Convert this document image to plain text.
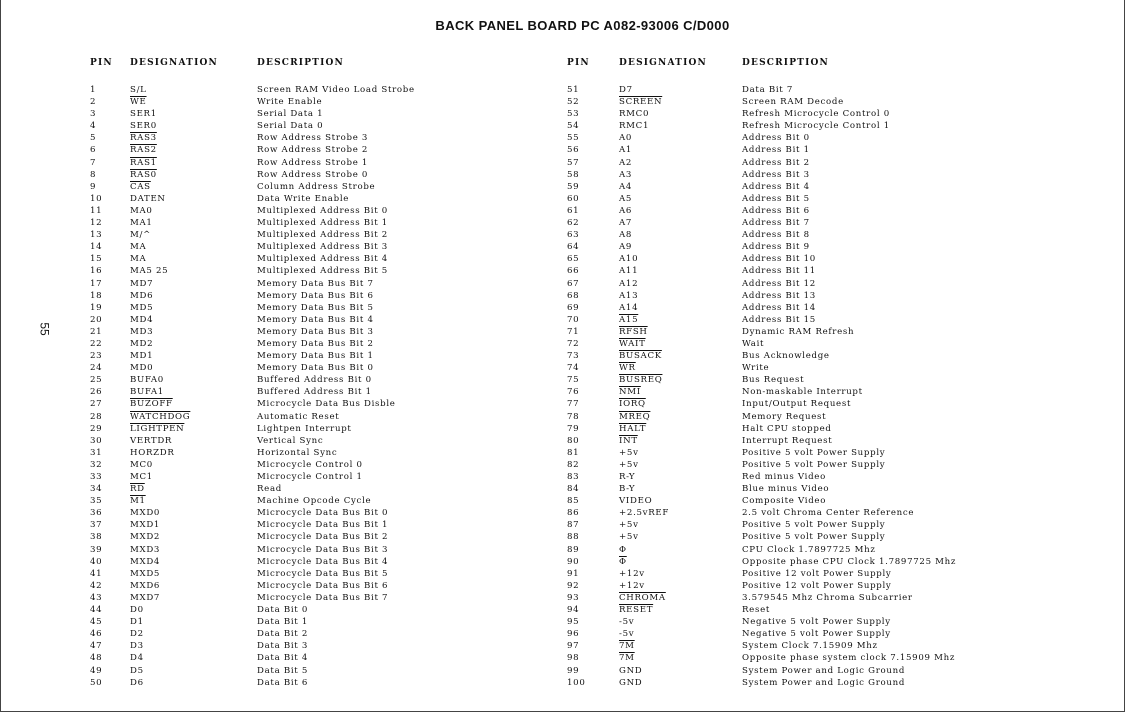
BACK PANEL BOARD PC A082-93006 C/D000
55
PIN	DESIGNATION	DESCRIPTION
1	S/L	Screen RAM Video Load Strobe
2	$\overline{WE}$	Write Enable
3	SER1	Serial Data 1
4	SER0	Serial Data 0
5	RAS3	Row Address Strobe 3
6	RAS2	Row Address Strobe 2
7	RAS1	Row Address Strobe 1
8	RAS0	Row Address Strobe 0
9	$\overline{CAS}$	Column Address Strobe
10	DATEN	Data Write Enable
11	MA0	Multiplexed Address Bit 0
12	MA1	Multiplexed Address Bit 1
13	M/^	Multiplexed Address Bit 2
14	MA	Multiplexed Address Bit 3
15	MA	Multiplexed Address Bit 4
16	MA5 25	Multiplexed Address Bit 5
17	MD7	Memory Data Bus Bit 7
18	MD6	Memory Data Bus Bit 6
19	MD5	Memory Data Bus Bit 5
20	MD4	Memory Data Bus Bit 4
21	MD3	Memory Data Bus Bit 3
22	MD2	Memory Data Bus Bit 2
23	MD1	Memory Data Bus Bit 1
24	MD0	Memory Data Bus Bit 0
25	BUFA0	Buffered Address Bit 0
26	BUFA1	Buffered Address Bit 1
27	BUZOFF	Microcycle Data Bus Disble
28	WATCHDOG	Automatic Reset
29	LIGHTPEN	Lightpen Interrupt
30	VERTDR	Vertical Sync
31	HORZDR	Horizontal Sync
32	MC0	Microcycle Control 0
33	MC1	Microcycle Control 1
34	$\overline{RD}$	Read
35	M1	Machine Opcode Cycle
36	MXD0	Microcycle Data Bus Bit 0
37	MXD1	Microcycle Data Bus Bit 1
38	MXD2	Microcycle Data Bus Bit 2
39	MXD3	Microcycle Data Bus Bit 3
40	MXD4	Microcycle Data Bus Bit 4
41	MXD5	Microcycle Data Bus Bit 5
42	MXD6	Microcycle Data Bus Bit 6
43	MXD7	Microcycle Data Bus Bit 7
44	D0	Data Bit 0
45	D1	Data Bit 1
46	D2	Data Bit 2
47	D3	Data Bit 3
48	D4	Data Bit 4
49	D5	Data Bit 5
50	D6	Data Bit 6
PIN	DESIGNATION	DESCRIPTION
51	D7	Data Bit 7
52	SCREEN	Screen RAM Decode
53	RMC0	Refresh Microcycle Control 0
54	RMC1	Refresh Microcycle Control 1
55	A0	Address Bit 0
56	A1	Address Bit 1
57	A2	Address Bit 2
58	A3	Address Bit 3
59	A4	Address Bit 4
60	A5	Address Bit 5
61	A6	Address Bit 6
62	A7	Address Bit 7
63	A8	Address Bit 8
64	A9	Address Bit 9
65	A10	Address Bit 10
66	A11	Address Bit 11
67	A12	Address Bit 12
68	A13	Address Bit 13
69	A14	Address Bit 14
70	A15	Address Bit 15
71	RFSH	Dynamic RAM Refresh
72	WAIT	Wait
73	BUSACK	Bus Acknowledge
74	$\overline{WR}$	Write
75	BUSREQ	Bus Request
76	$\overline{NMI}$	Non-maskable Interrupt
77	IORQ	Input/Output Request
78	MREQ	Memory Request
79	HALT	Halt CPU stopped
80	$\overline{INT}$	Interrupt Request
81	+5v	Positive 5 volt Power Supply
82	+5v	Positive 5 volt Power Supply
83	R-Y	Red minus Video
84	B-Y	Blue minus Video
85	VIDEO	Composite Video
86	+2.5vREF	2.5 volt Chroma Center Reference
87	+5v	Positive 5 volt Power Supply
88	+5v	Positive 5 volt Power Supply
89	Φ	CPU Clock 1.7897725 Mhz
90	$\overline{\Phi}$	Opposite phase CPU Clock 1.7897725 Mhz
91	+12v	Positive 12 volt Power Supply
92	+12v	Positive 12 volt Power Supply
93	CHROMA	3.579545 Mhz Chroma Subcarrier
94	RESET	Reset
95	-5v	Negative 5 volt Power Supply
96	-5v	Negative 5 volt Power Supply
97	7M	System Clock 7.15909 Mhz
98	7M	Opposite phase system clock 7.15909 Mhz
99	GND	System Power and Logic Ground
100	GND	System Power and Logic Ground
